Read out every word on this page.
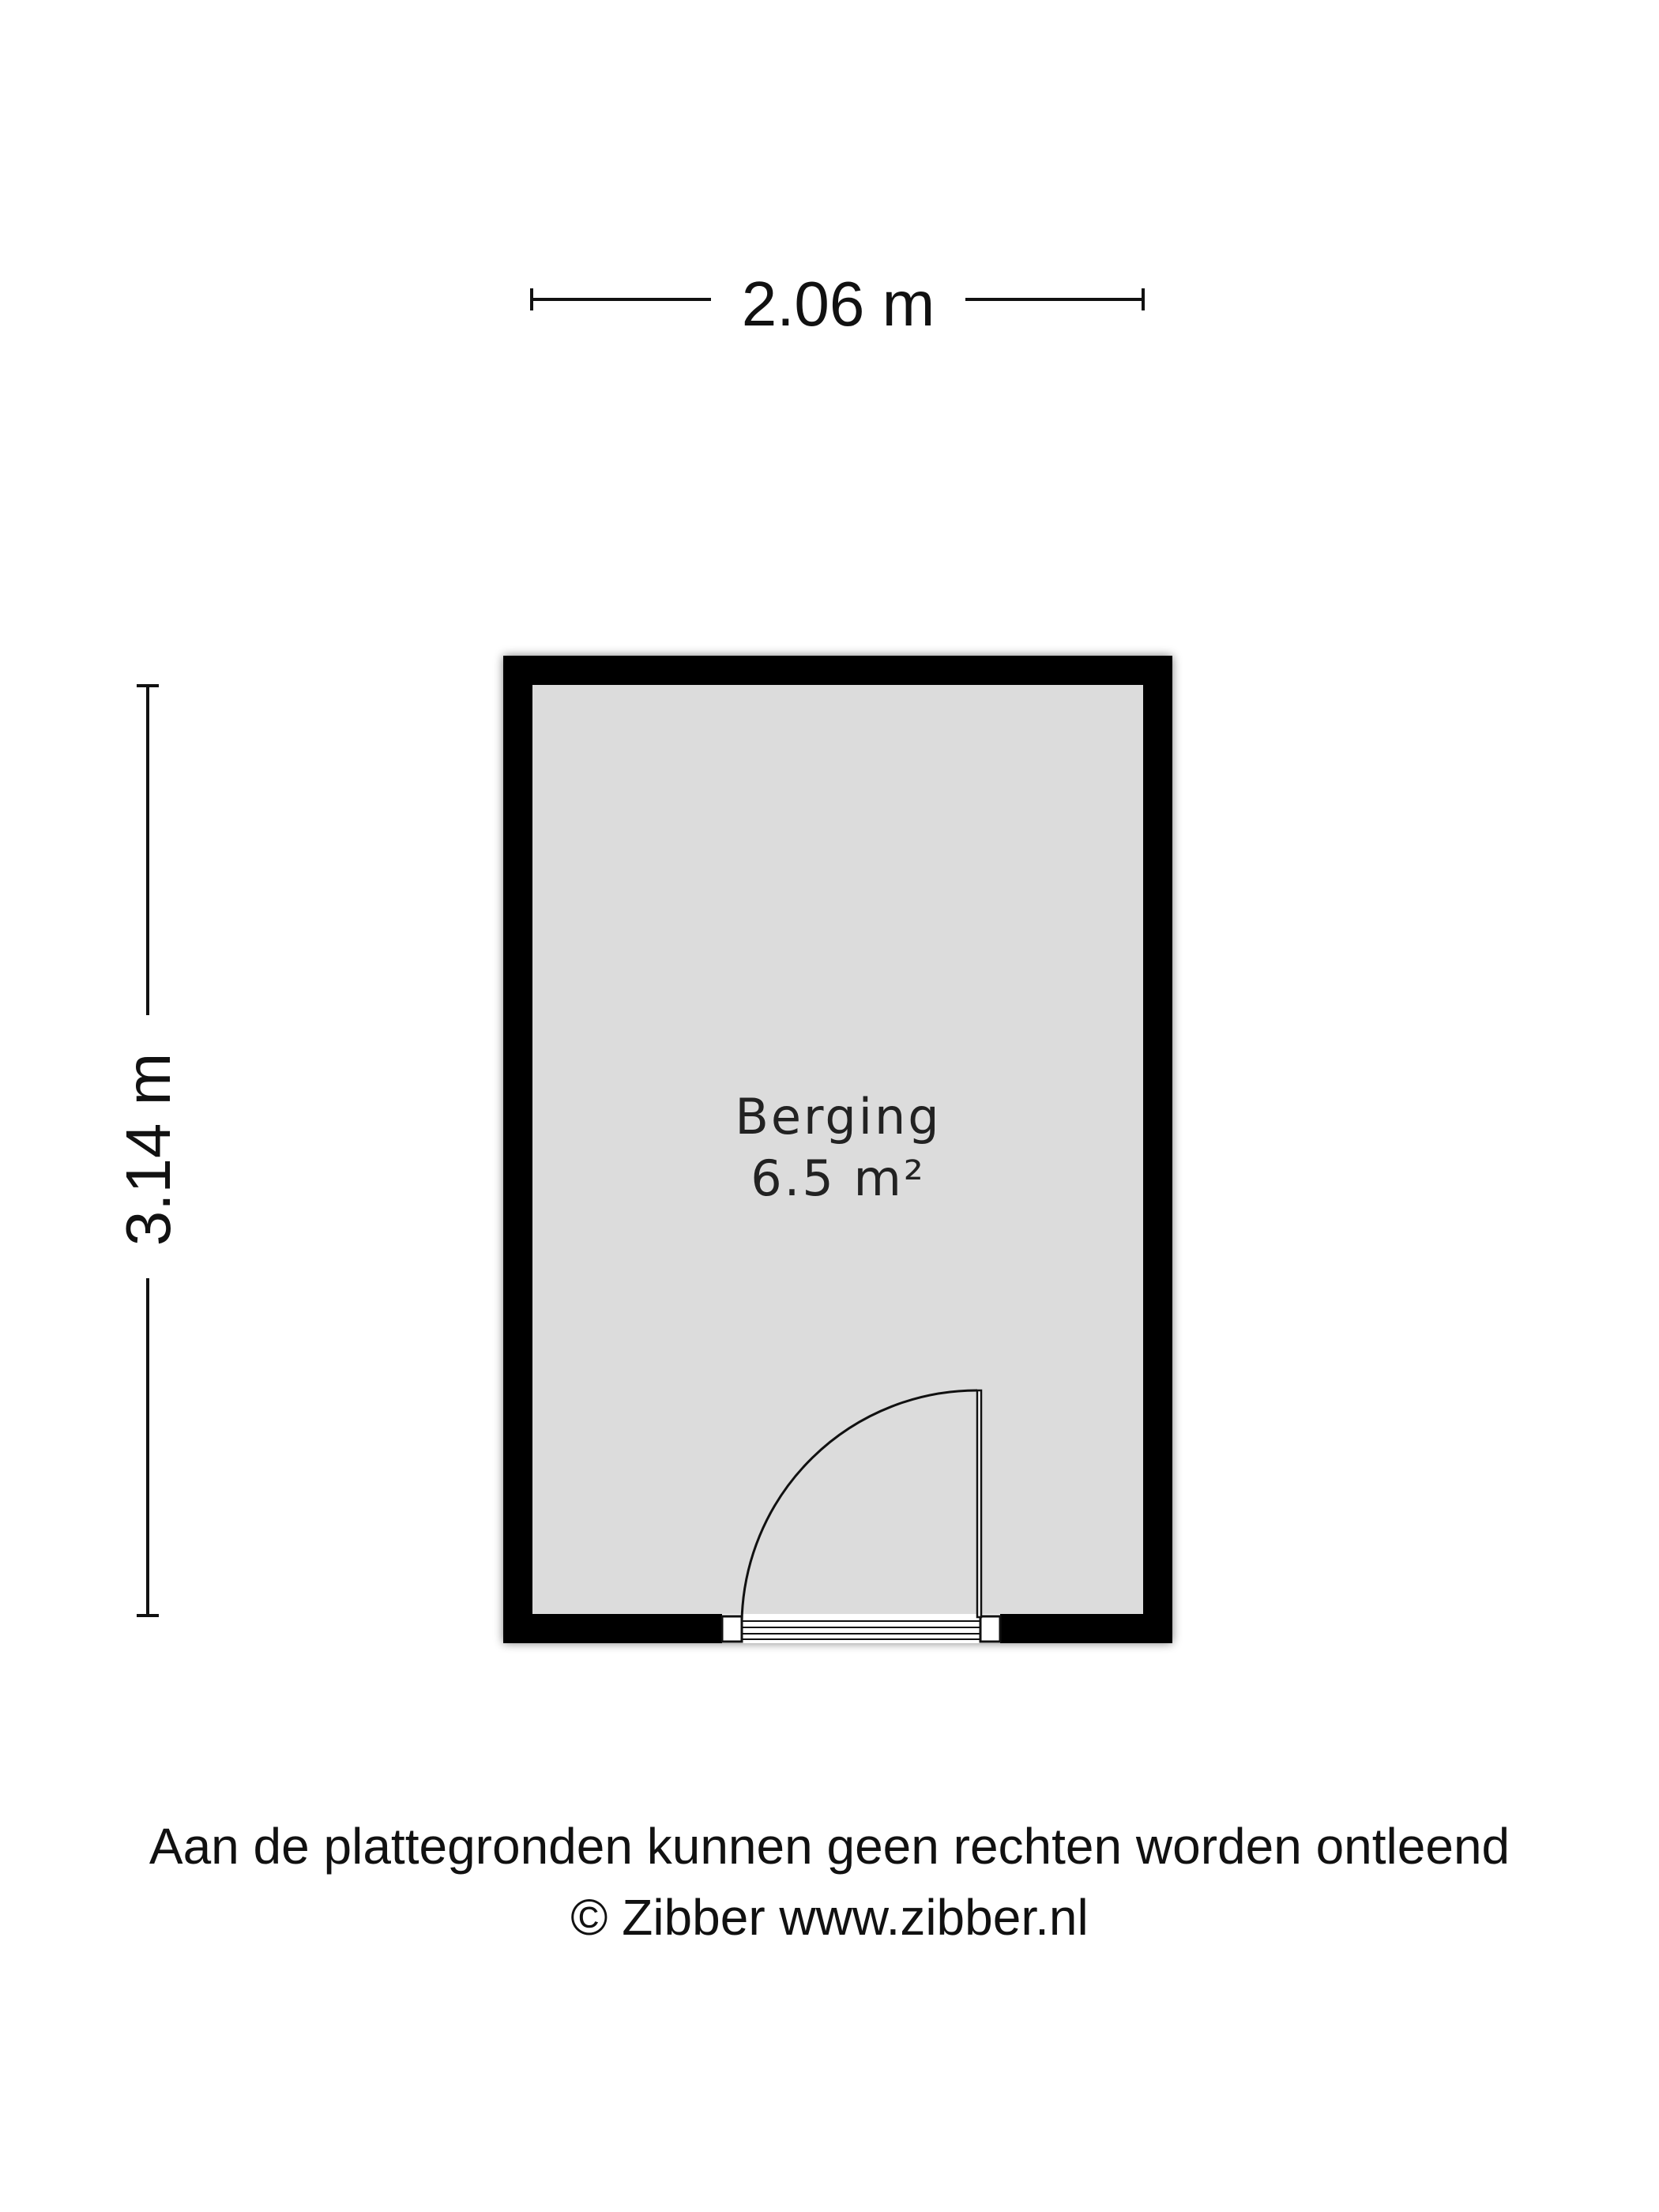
2.06 m
3.14 m	Berging
6.5 m²
Aan de plattegronden kunnen geen rechten worden ontleend
© Zibber www.zibber.nl
